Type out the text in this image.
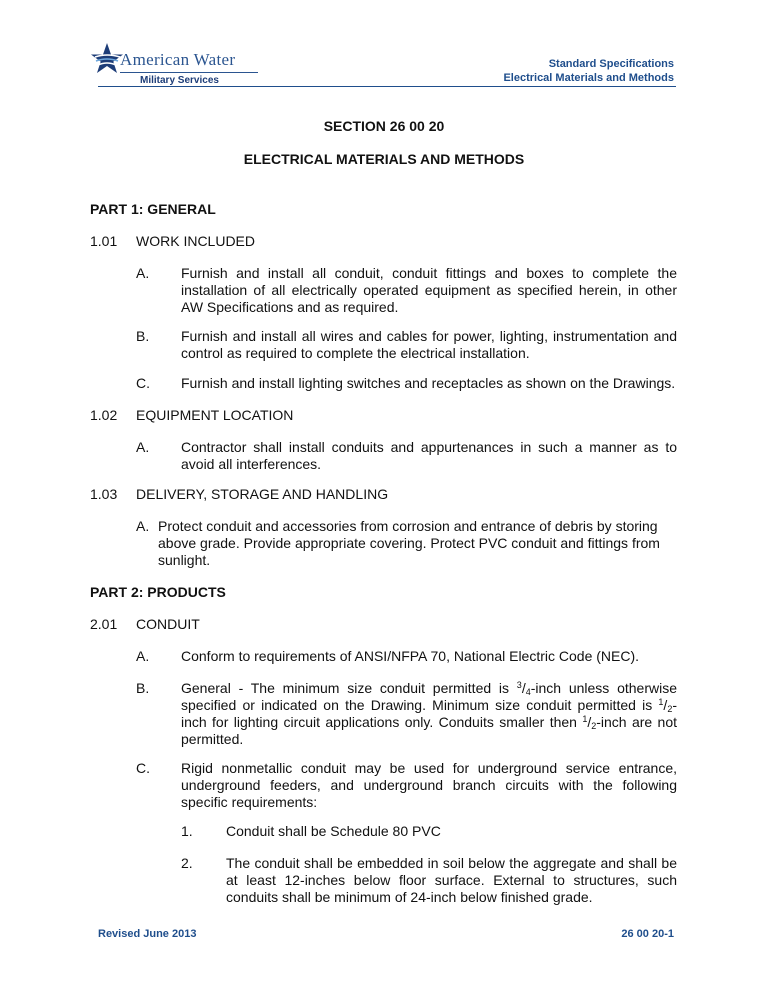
American Water
Military Services
Standard Specifications
Electrical Materials and Methods
SECTION 26 00 20
ELECTRICAL MATERIALS AND METHODS
PART 1: GENERAL
1.01 WORK INCLUDED
A. Furnish and install all conduit, conduit fittings and boxes to complete the installation of all electrically operated equipment as specified herein, in other AW Specifications and as required.
B. Furnish and install all wires and cables for power, lighting, instrumentation and control as required to complete the electrical installation.
C. Furnish and install lighting switches and receptacles as shown on the Drawings.
1.02 EQUIPMENT LOCATION
A. Contractor shall install conduits and appurtenances in such a manner as to avoid all interferences.
1.03 DELIVERY, STORAGE AND HANDLING
A. Protect conduit and accessories from corrosion and entrance of debris by storing
above grade. Provide appropriate covering. Protect PVC conduit and fittings from
sunlight.
PART 2: PRODUCTS
2.01 CONDUIT
A. Conform to requirements of ANSI/NFPA 70, National Electric Code (NEC).
B. General - The minimum size conduit permitted is $^3/_4$-inch unless otherwise specified or indicated on the Drawing. Minimum size conduit permitted is $^1/_2$-inch for lighting circuit applications only. Conduits smaller then $^1/_2$-inch are not permitted.
C. Rigid nonmetallic conduit may be used for underground service entrance, underground feeders, and underground branch circuits with the following specific requirements:
1. Conduit shall be Schedule 80 PVC
2. The conduit shall be embedded in soil below the aggregate and shall be at least 12-inches below floor surface. External to structures, such conduits shall be minimum of 24-inch below finished grade.
Revised June 2013	26 00 20-1
